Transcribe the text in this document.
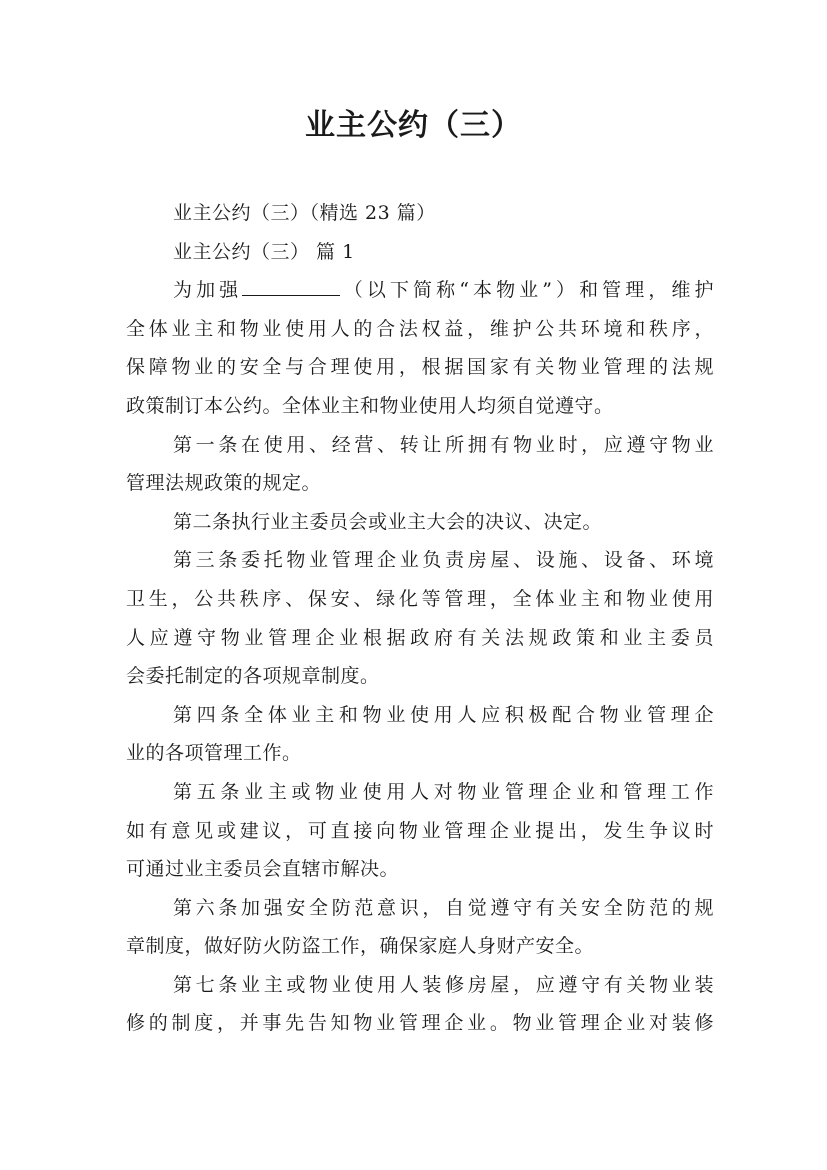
业主公约（三）
业主公约（三）（精选 23 篇）
业主公约（三） 篇 1
为加强	（以下简称“本物业”）和管理，维护
全体业主和物业使用人的合法权益，维护公共环境和秩序，
保障物业的安全与合理使用，根据国家有关物业管理的法规
政策制订本公约。全体业主和物业使用人均须自觉遵守。
第一条在使用、经营、转让所拥有物业时，应遵守物业
管理法规政策的规定。
第二条执行业主委员会或业主大会的决议、决定。
第三条委托物业管理企业负责房屋、设施、设备、环境
卫生，公共秩序、保安、绿化等管理，全体业主和物业使用
人应遵守物业管理企业根据政府有关法规政策和业主委员
会委托制定的各项规章制度。
第四条全体业主和物业使用人应积极配合物业管理企
业的各项管理工作。
第五条业主或物业使用人对物业管理企业和管理工作
如有意见或建议，可直接向物业管理企业提出，发生争议时
可通过业主委员会直辖市解决。
第六条加强安全防范意识，自觉遵守有关安全防范的规
章制度，做好防火防盗工作，确保家庭人身财产安全。
第七条业主或物业使用人装修房屋，应遵守有关物业装
修的制度，并事先告知物业管理企业。物业管理企业对装修
